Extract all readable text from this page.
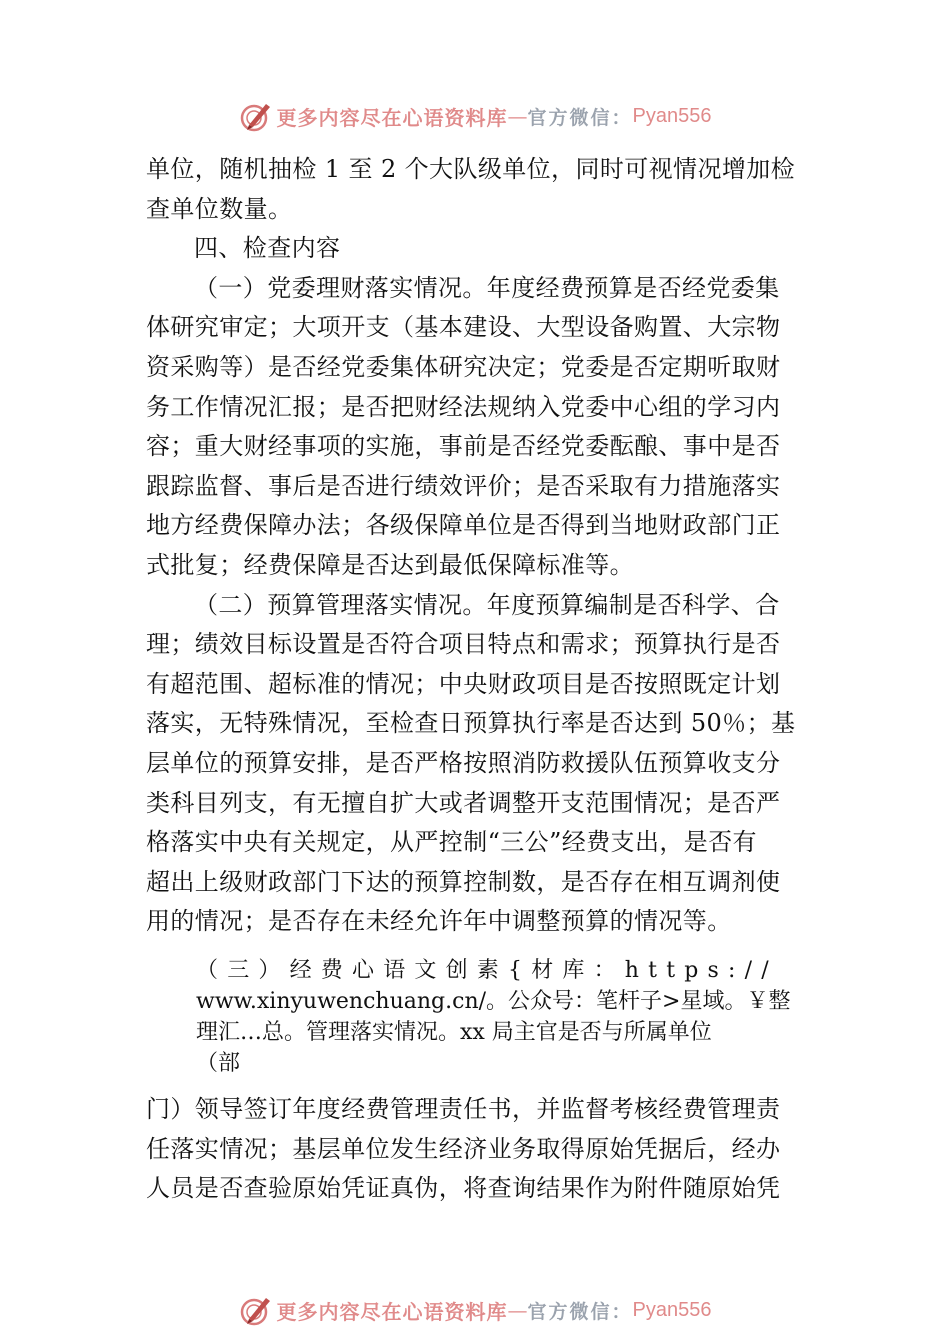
更多内容尽在心语资料库 — 官方微信： Pyan556
单位，随机抽检 1 至 2 个大队级单位，同时可视情况增加检
查单位数量。
四、检查内容
（一）党委理财落实情况。年度经费预算是否经党委集
体研究审定；大项开支（基本建设、大型设备购置、大宗物
资采购等）是否经党委集体研究决定；党委是否定期听取财
务工作情况汇报；是否把财经法规纳入党委中心组的学习内
容；重大财经事项的实施，事前是否经党委酝酿、事中是否
跟踪监督、事后是否进行绩效评价；是否采取有力措施落实
地方经费保障办法；各级保障单位是否得到当地财政部门正
式批复；经费保障是否达到最低保障标准等。
（二）预算管理落实情况。年度预算编制是否科学、合
理；绩效目标设置是否符合项目特点和需求；预算执行是否
有超范围、超标准的情况；中央财政项目是否按照既定计划
落实，无特殊情况，至检查日预算执行率是否达到 50％；基
层单位的预算安排，是否严格按照消防救援队伍预算收支分
类科目列支，有无擅自扩大或者调整开支范围情况；是否严
格落实中央有关规定，从严控制“三公”经费支出，是否有
超出上级财政部门下达的预算控制数，是否存在相互调剂使
用的情况；是否存在未经允许年中调整预算的情况等。
（三）经费心语文创素{材库：https://
www.xinyuwenchuang.cn/。公众号：笔杆子>星域。￥整
理汇…总。管理落实情况。xx 局主官是否与所属单位
（部
门）领导签订年度经费管理责任书，并监督考核经费管理责
任落实情况；基层单位发生经济业务取得原始凭据后，经办
人员是否查验原始凭证真伪，将查询结果作为附件随原始凭
更多内容尽在心语资料库 — 官方微信： Pyan556
